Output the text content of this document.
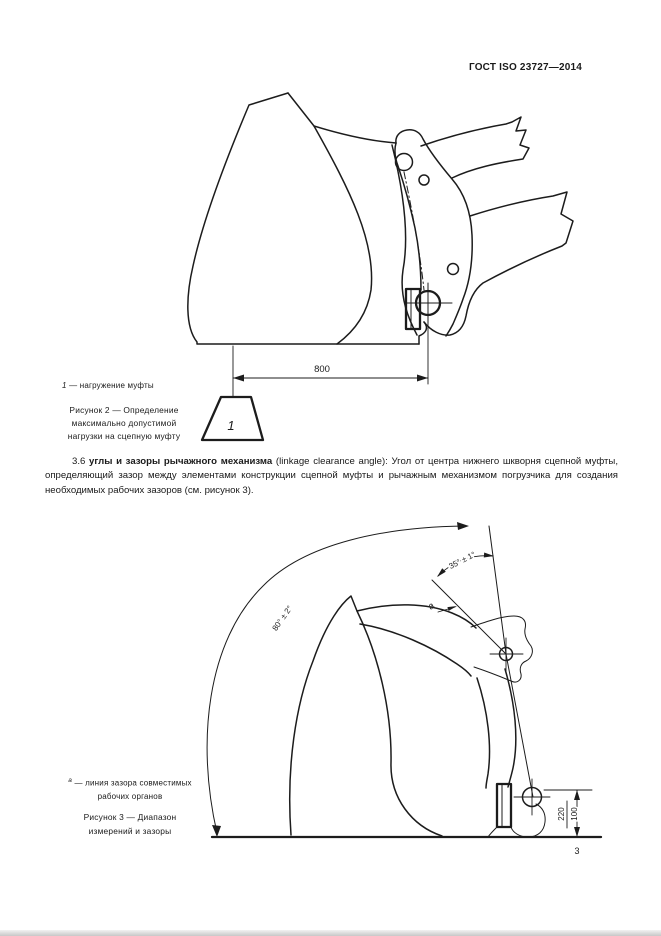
ГОСТ ISO 23727—2014
800
1
80° ± 2°
35° ± 1°
a
220 100
1 — нагружение муфты
Рисунок 2 — Определение
максимально допустимой
нагрузки на сцепную муфту

3.6 углы и зазоры рычажного механизма (linkage clearance angle): Угол от центра нижнего шкворня сцепной муфты, определяющий зазор между элементами конструкции сцепной муфты и рычажным механизмом погрузчика для создания необходимых рабочих зазоров (см. рисунок 3).

$^a$ — линия зазора совместимых
рабочих органов
Рисунок 3 — Диапазон
измерений и зазоры
3
